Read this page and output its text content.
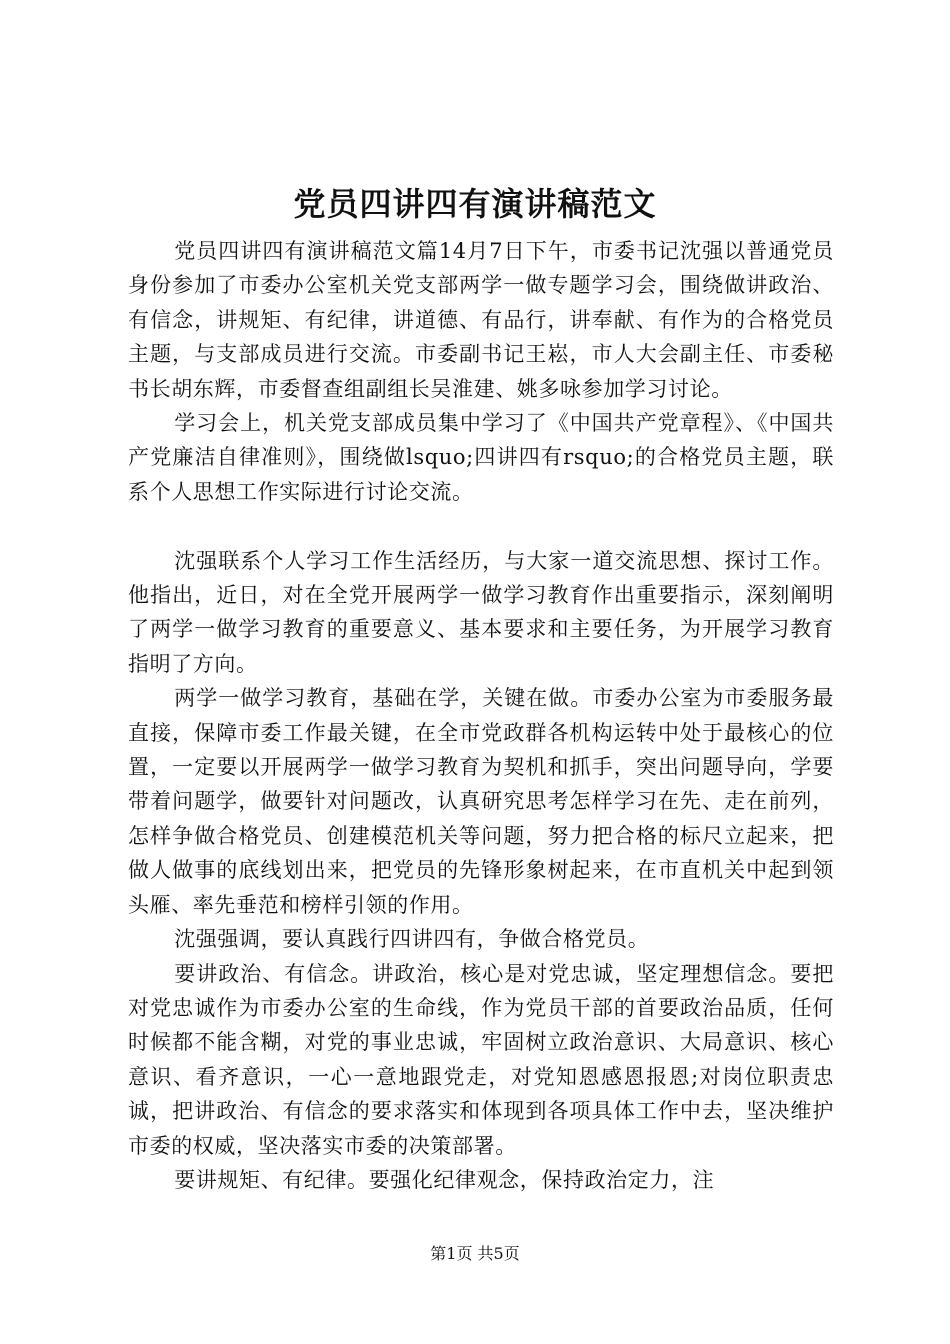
党员四讲四有演讲稿范文

党员四讲四有演讲稿范文篇14月7日下午，市委书记沈强以普通党员身份参加了市委办公室机关党支部两学一做专题学习会，围绕做讲政治、有信念，讲规矩、有纪律，讲道德、有品行，讲奉献、有作为的合格党员主题，与支部成员进行交流。市委副书记王崧，市人大会副主任、市委秘书长胡东辉，市委督查组副组长吴淮建、姚多咏参加学习讨论。

学习会上，机关党支部成员集中学习了《中国共产党章程》、《中国共产党廉洁自律准则》，围绕做lsquo;四讲四有rsquo;的合格党员主题，联系个人思想工作实际进行讨论交流。

沈强联系个人学习工作生活经历，与大家一道交流思想、探讨工作。他指出，近日，对在全党开展两学一做学习教育作出重要指示，深刻阐明了两学一做学习教育的重要意义、基本要求和主要任务，为开展学习教育指明了方向。

两学一做学习教育，基础在学，关键在做。市委办公室为市委服务最直接，保障市委工作最关键，在全市党政群各机构运转中处于最核心的位置，一定要以开展两学一做学习教育为契机和抓手，突出问题导向，学要带着问题学，做要针对问题改，认真研究思考怎样学习在先、走在前列，怎样争做合格党员、创建模范机关等问题，努力把合格的标尺立起来，把做人做事的底线划出来，把党员的先锋形象树起来，在市直机关中起到领头雁、率先垂范和榜样引领的作用。

沈强强调，要认真践行四讲四有，争做合格党员。

要讲政治、有信念。讲政治，核心是对党忠诚，坚定理想信念。要把对党忠诚作为市委办公室的生命线，作为党员干部的首要政治品质，任何时候都不能含糊，对党的事业忠诚，牢固树立政治意识、大局意识、核心意识、看齐意识，一心一意地跟党走，对党知恩感恩报恩;对岗位职责忠诚，把讲政治、有信念的要求落实和体现到各项具体工作中去，坚决维护市委的权威，坚决落实市委的决策部署。

要讲规矩、有纪律。要强化纪律观念，保持政治定力，注

第1页 共5页
